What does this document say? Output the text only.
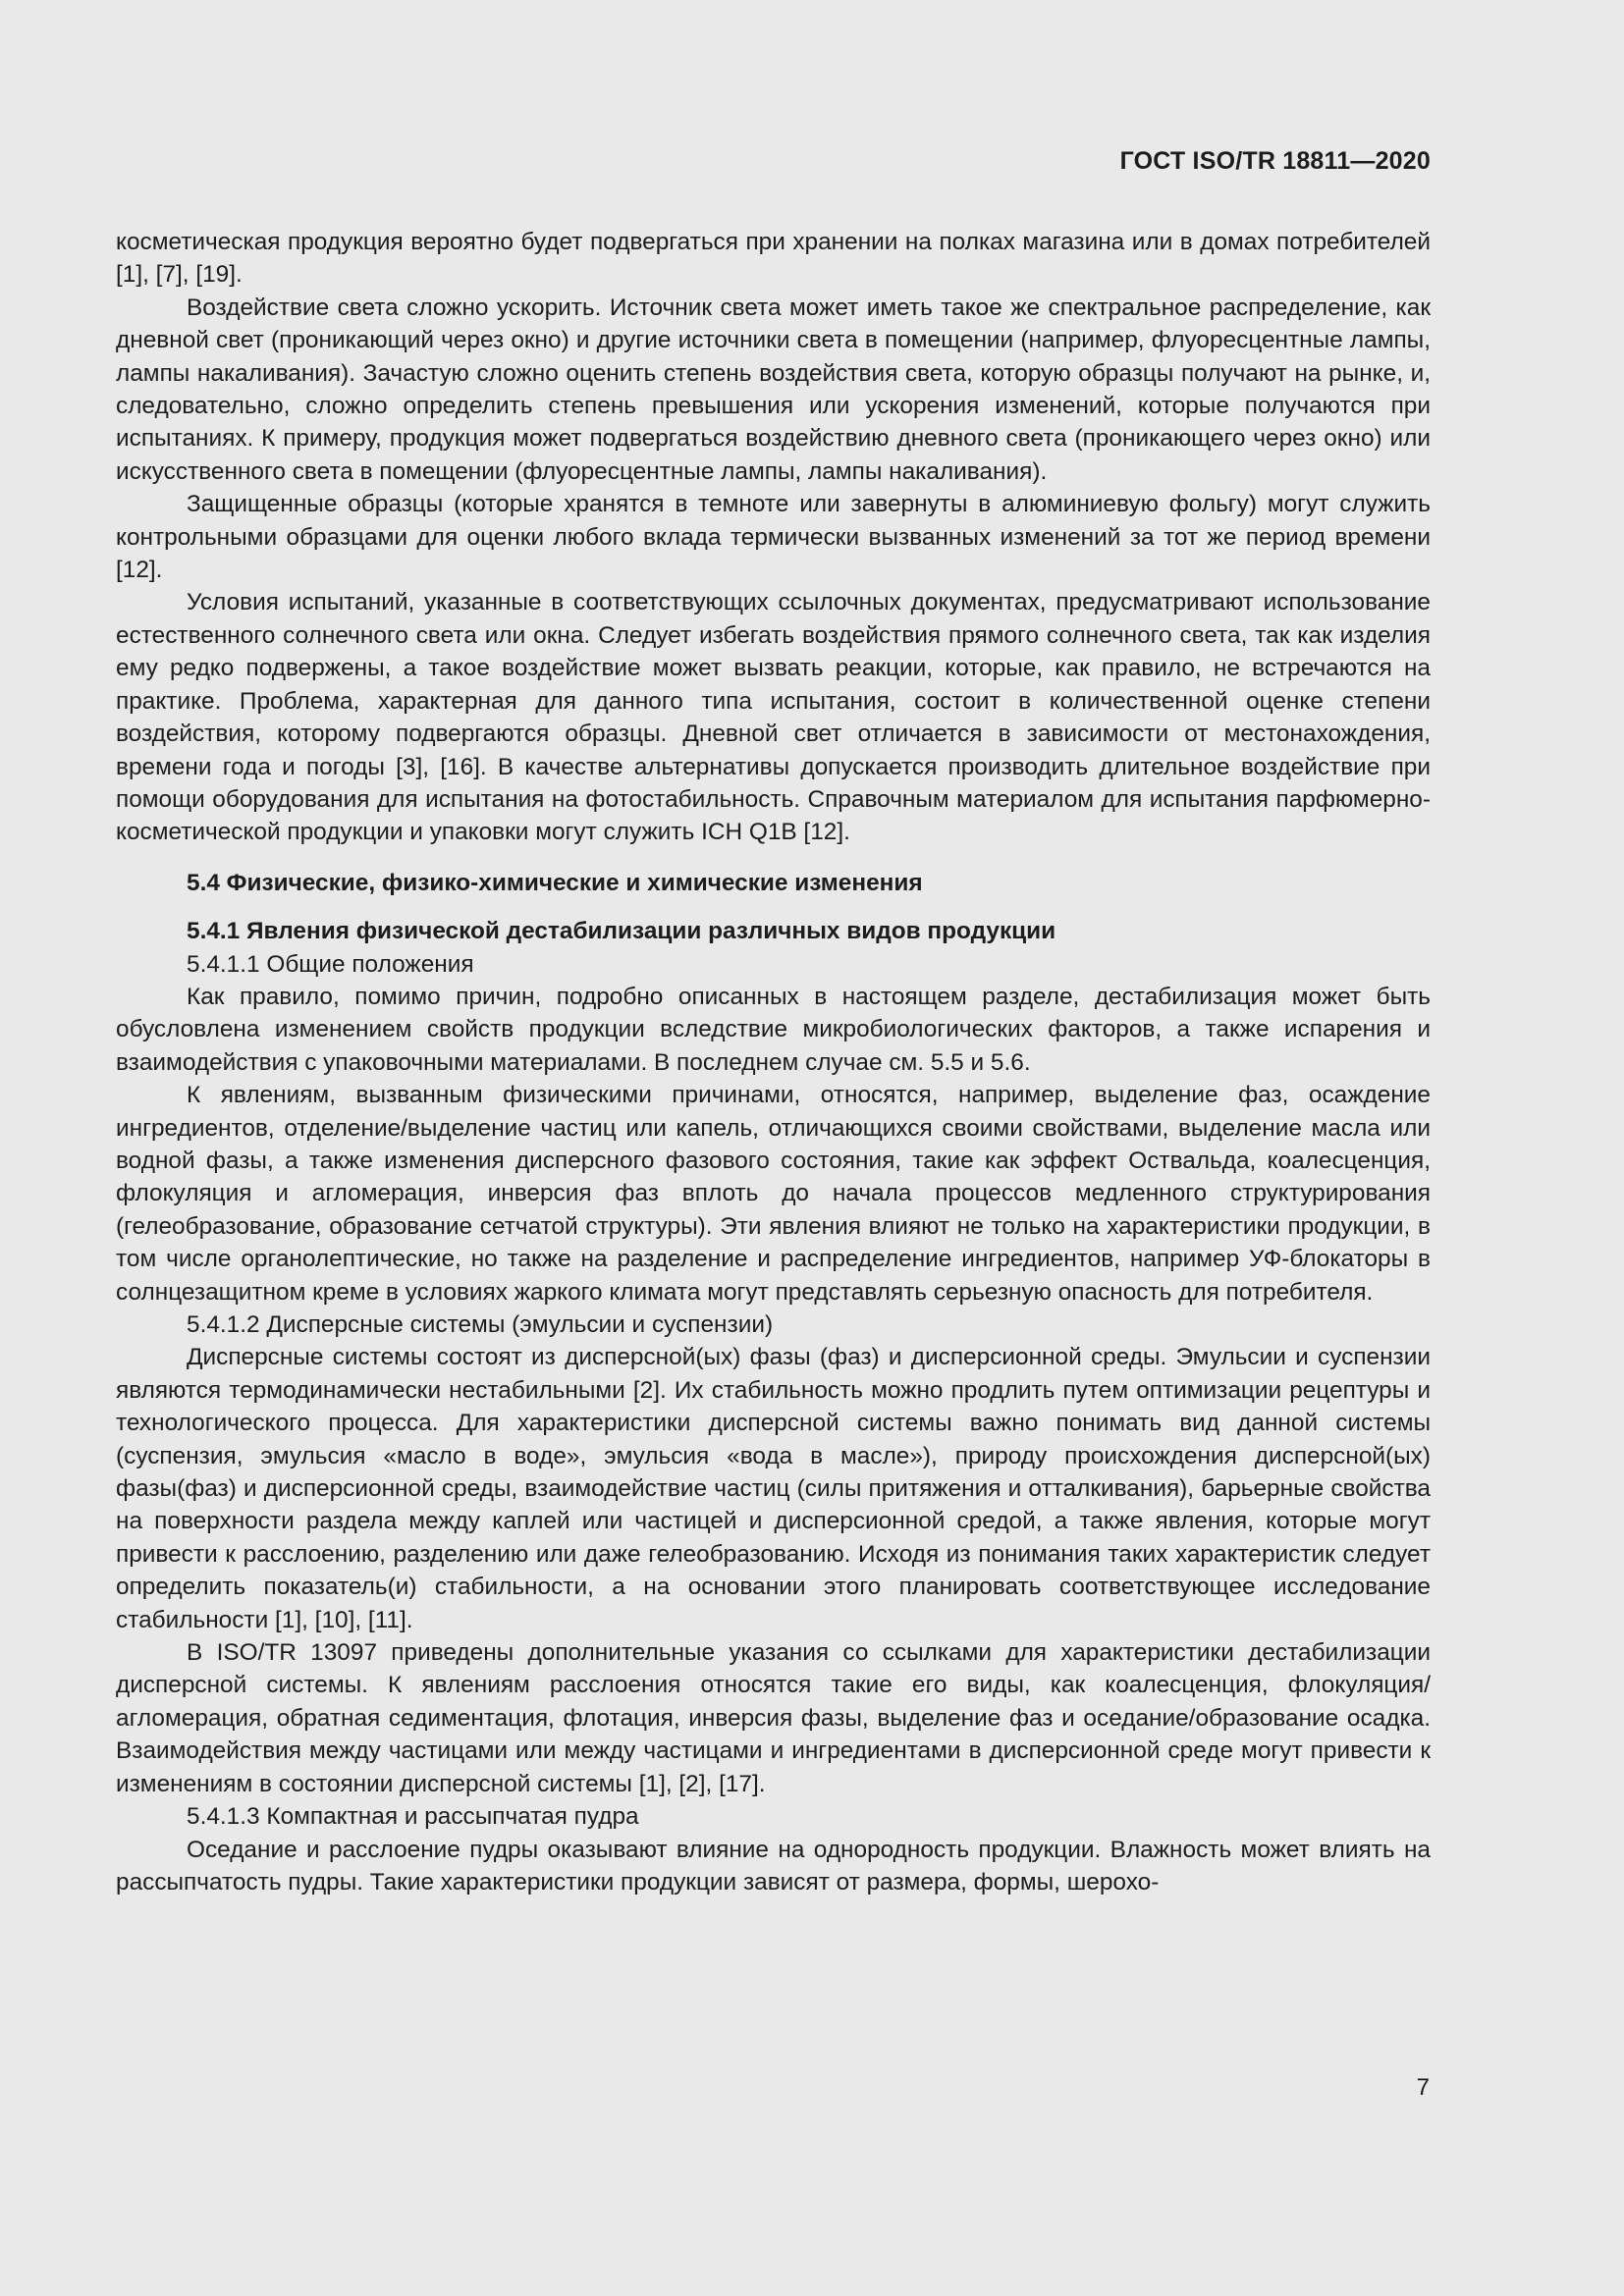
ГОСТ ISO/TR 18811—2020

косметическая продукция вероятно будет подвергаться при хранении на полках магазина или в домах потребителей [1], [7], [19].

Воздействие света сложно ускорить. Источник света может иметь такое же спектральное распределение, как дневной свет (проникающий через окно) и другие источники света в помещении (например, флуоресцентные лампы, лампы накаливания). Зачастую сложно оценить степень воздействия света, которую образцы получают на рынке, и, следовательно, сложно определить степень превышения или ускорения изменений, которые получаются при испытаниях. К примеру, продукция может подвергаться воздействию дневного света (проникающего через окно) или искусственного света в помещении (флуоресцентные лампы, лампы накаливания).

Защищенные образцы (которые хранятся в темноте или завернуты в алюминиевую фольгу) могут служить контрольными образцами для оценки любого вклада термически вызванных изменений за тот же период времени [12].

Условия испытаний, указанные в соответствующих ссылочных документах, предусматривают использование естественного солнечного света или окна. Следует избегать воздействия прямого солнечного света, так как изделия ему редко подвержены, а такое воздействие может вызвать реакции, которые, как правило, не встречаются на практике. Проблема, характерная для данного типа испытания, состоит в количественной оценке степени воздействия, которому подвергаются образцы. Дневной свет отличается в зависимости от местонахождения, времени года и погоды [3], [16]. В качестве альтернативы допускается производить длительное воздействие при помощи оборудования для испытания на фотостабильность. Справочным материалом для испытания парфюмерно-косметической продукции и упаковки могут служить ICH Q1B [12].

5.4 Физические, физико-химические и химические изменения

5.4.1 Явления физической дестабилизации различных видов продукции

5.4.1.1 Общие положения

Как правило, помимо причин, подробно описанных в настоящем разделе, дестабилизация может быть обусловлена изменением свойств продукции вследствие микробиологических факторов, а также испарения и взаимодействия с упаковочными материалами. В последнем случае см. 5.5 и 5.6.

К явлениям, вызванным физическими причинами, относятся, например, выделение фаз, осаждение ингредиентов, отделение/выделение частиц или капель, отличающихся своими свойствами, выделение масла или водной фазы, а также изменения дисперсного фазового состояния, такие как эффект Оствальда, коалесценция, флокуляция и агломерация, инверсия фаз вплоть до начала процессов медленного структурирования (гелеобразование, образование сетчатой структуры). Эти явления влияют не только на характеристики продукции, в том числе органолептические, но также на разделение и распределение ингредиентов, например УФ-блокаторы в солнцезащитном креме в условиях жаркого климата могут представлять серьезную опасность для потребителя.

5.4.1.2 Дисперсные системы (эмульсии и суспензии)

Дисперсные системы состоят из дисперсной(ых) фазы (фаз) и дисперсионной среды. Эмульсии и суспензии являются термодинамически нестабильными [2]. Их стабильность можно продлить путем оптимизации рецептуры и технологического процесса. Для характеристики дисперсной системы важно понимать вид данной системы (суспензия, эмульсия «масло в воде», эмульсия «вода в масле»), природу происхождения дисперсной(ых) фазы(фаз) и дисперсионной среды, взаимодействие частиц (силы притяжения и отталкивания), барьерные свойства на поверхности раздела между каплей или частицей и дисперсионной средой, а также явления, которые могут привести к расслоению, разделению или даже гелеобразованию. Исходя из понимания таких характеристик следует определить показатель(и) стабильности, а на основании этого планировать соответствующее исследование стабильности [1], [10], [11].

В ISO/TR 13097 приведены дополнительные указания со ссылками для характеристики дестабилизации дисперсной системы. К явлениям расслоения относятся такие его виды, как коалесценция, флокуляция/агломерация, обратная седиментация, флотация, инверсия фазы, выделение фаз и оседание/образование осадка. Взаимодействия между частицами или между частицами и ингредиентами в дисперсионной среде могут привести к изменениям в состоянии дисперсной системы [1], [2], [17].

5.4.1.3 Компактная и рассыпчатая пудра

Оседание и расслоение пудры оказывают влияние на однородность продукции. Влажность может влиять на рассыпчатость пудры. Такие характеристики продукции зависят от размера, формы, шерохо-

7
